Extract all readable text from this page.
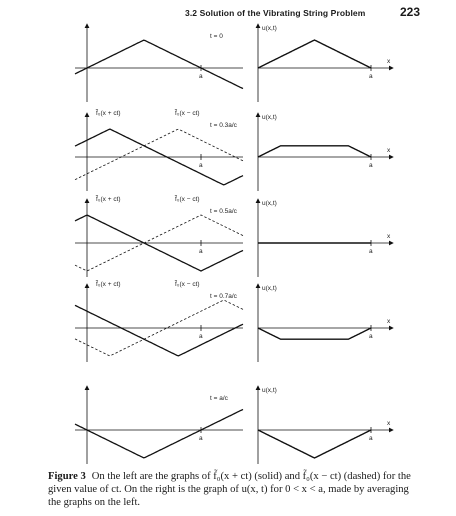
3.2 Solution of the Vibrating String Problem	223
a
t = 0
a
x
u(x,t)
a
t = 0.3a/c
f̃₀(x + ct)	f̃₀(x − ct)
a
x
u(x,t)
a
t = 0.5a/c
f̃₀(x + ct)	f̃₀(x − ct)
a
x
u(x,t)
a
t = 0.7a/c
f̃₀(x + ct)	f̃₀(x − ct)
a
x
u(x,t)
a
t = a/c
a
x
u(x,t)
Figure 3 On the left are the graphs of f̃₀(x + ct) (solid) and f̃₀(x − ct) (dashed) for the given value of ct. On the right is the graph of u(x, t) for 0 < x < a, made by averaging the graphs on the left.
